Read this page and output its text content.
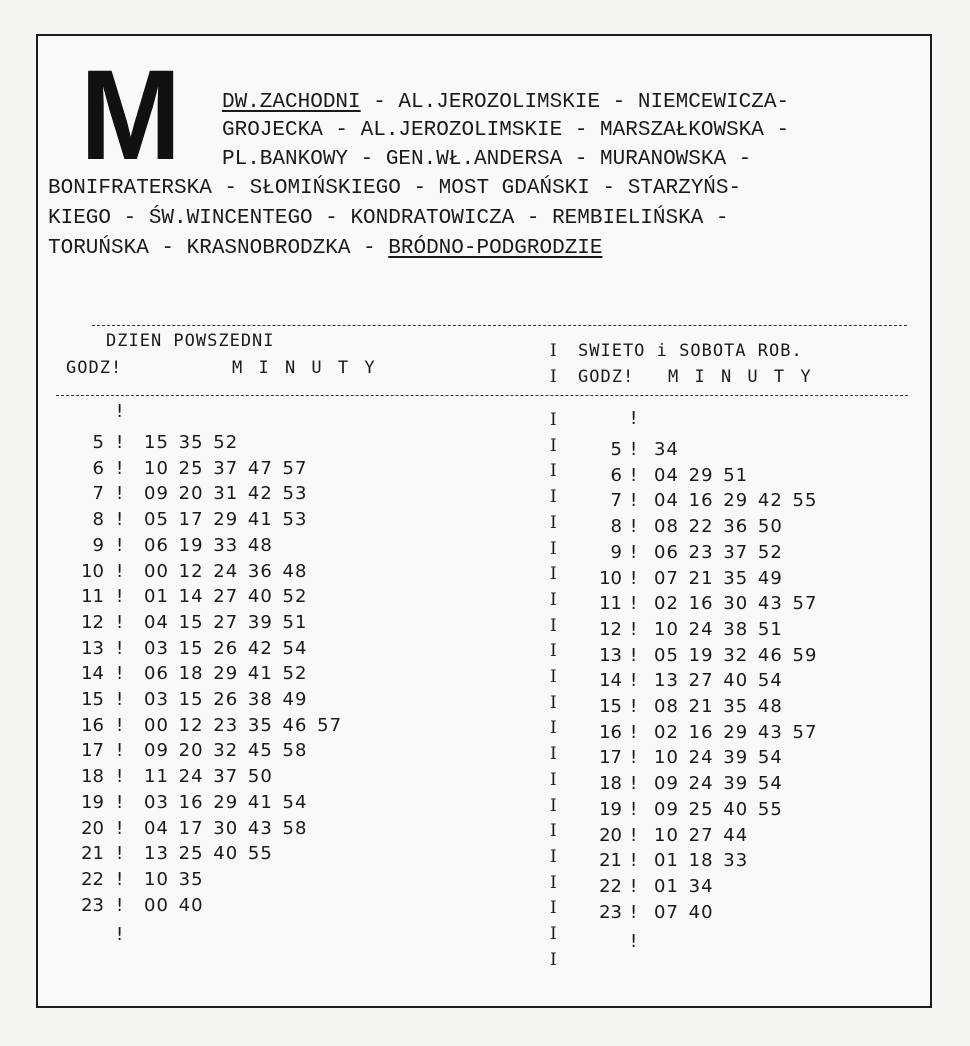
M DW.ZACHODNI - AL.JEROZOLIMSKIE - NIEMCEWICZA-

GROJECKA - AL.JEROZOLIMSKIE - MARSZAŁKOWSKA -

PL.BANKOWY - GEN.WŁ.ANDERSA - MURANOWSKA -

BONIFRATERSKA - SŁOMIŃSKIEGO - MOST GDAŃSKI - STARZYŃS-

KIEGO - ŚW.WINCENTEGO - KONDRATOWICZA - REMBIELIŃSKA -

TORUŃSKA - KRASNOBRODZKA - BRÓDNO-PODGRODZIE

DZIEN POWSZEDNI
GODZ!	M I N U T Y
SWIETO i SOBOTA ROB.
GODZ! M I N U T Y
5 ! 15 35 52
6 ! 10 25 37 47 57
7 ! 09 20 31 42 53
8 ! 05 17 29 41 53
9 ! 06 19 33 48
10 ! 00 12 24 36 48
11 ! 01 14 27 40 52
12 ! 04 15 27 39 51
13 ! 03 15 26 42 54
14 ! 06 18 29 41 52
15 ! 03 15 26 38 49
16 ! 00 12 23 35 46 57
17 ! 09 20 32 45 58
18 ! 11 24 37 50
19 ! 03 16 29 41 54
20 ! 04 17 30 43 58
21 ! 13 25 40 55
22 ! 10 35
23 ! 00 40
!
!
5 ! 34
6 ! 04 29 51
7 ! 04 16 29 42 55
8 ! 08 22 36 50
9 ! 06 23 37 52
10 ! 07 21 35 49
11 ! 02 16 30 43 57
12 ! 10 24 38 51
13 ! 05 19 32 46 59
14 ! 13 27 40 54
15 ! 08 21 35 48
16 ! 02 16 29 43 57
17 ! 10 24 39 54
18 ! 09 24 39 54
19 ! 09 25 40 55
20 ! 10 27 44
21 ! 01 18 33
22 ! 01 34
23 ! 07 40
!
!
I
I
I
I
I
I
I
I
I
I
I
I
I
I
I
I
I
I
I
I
I
I
I
I
